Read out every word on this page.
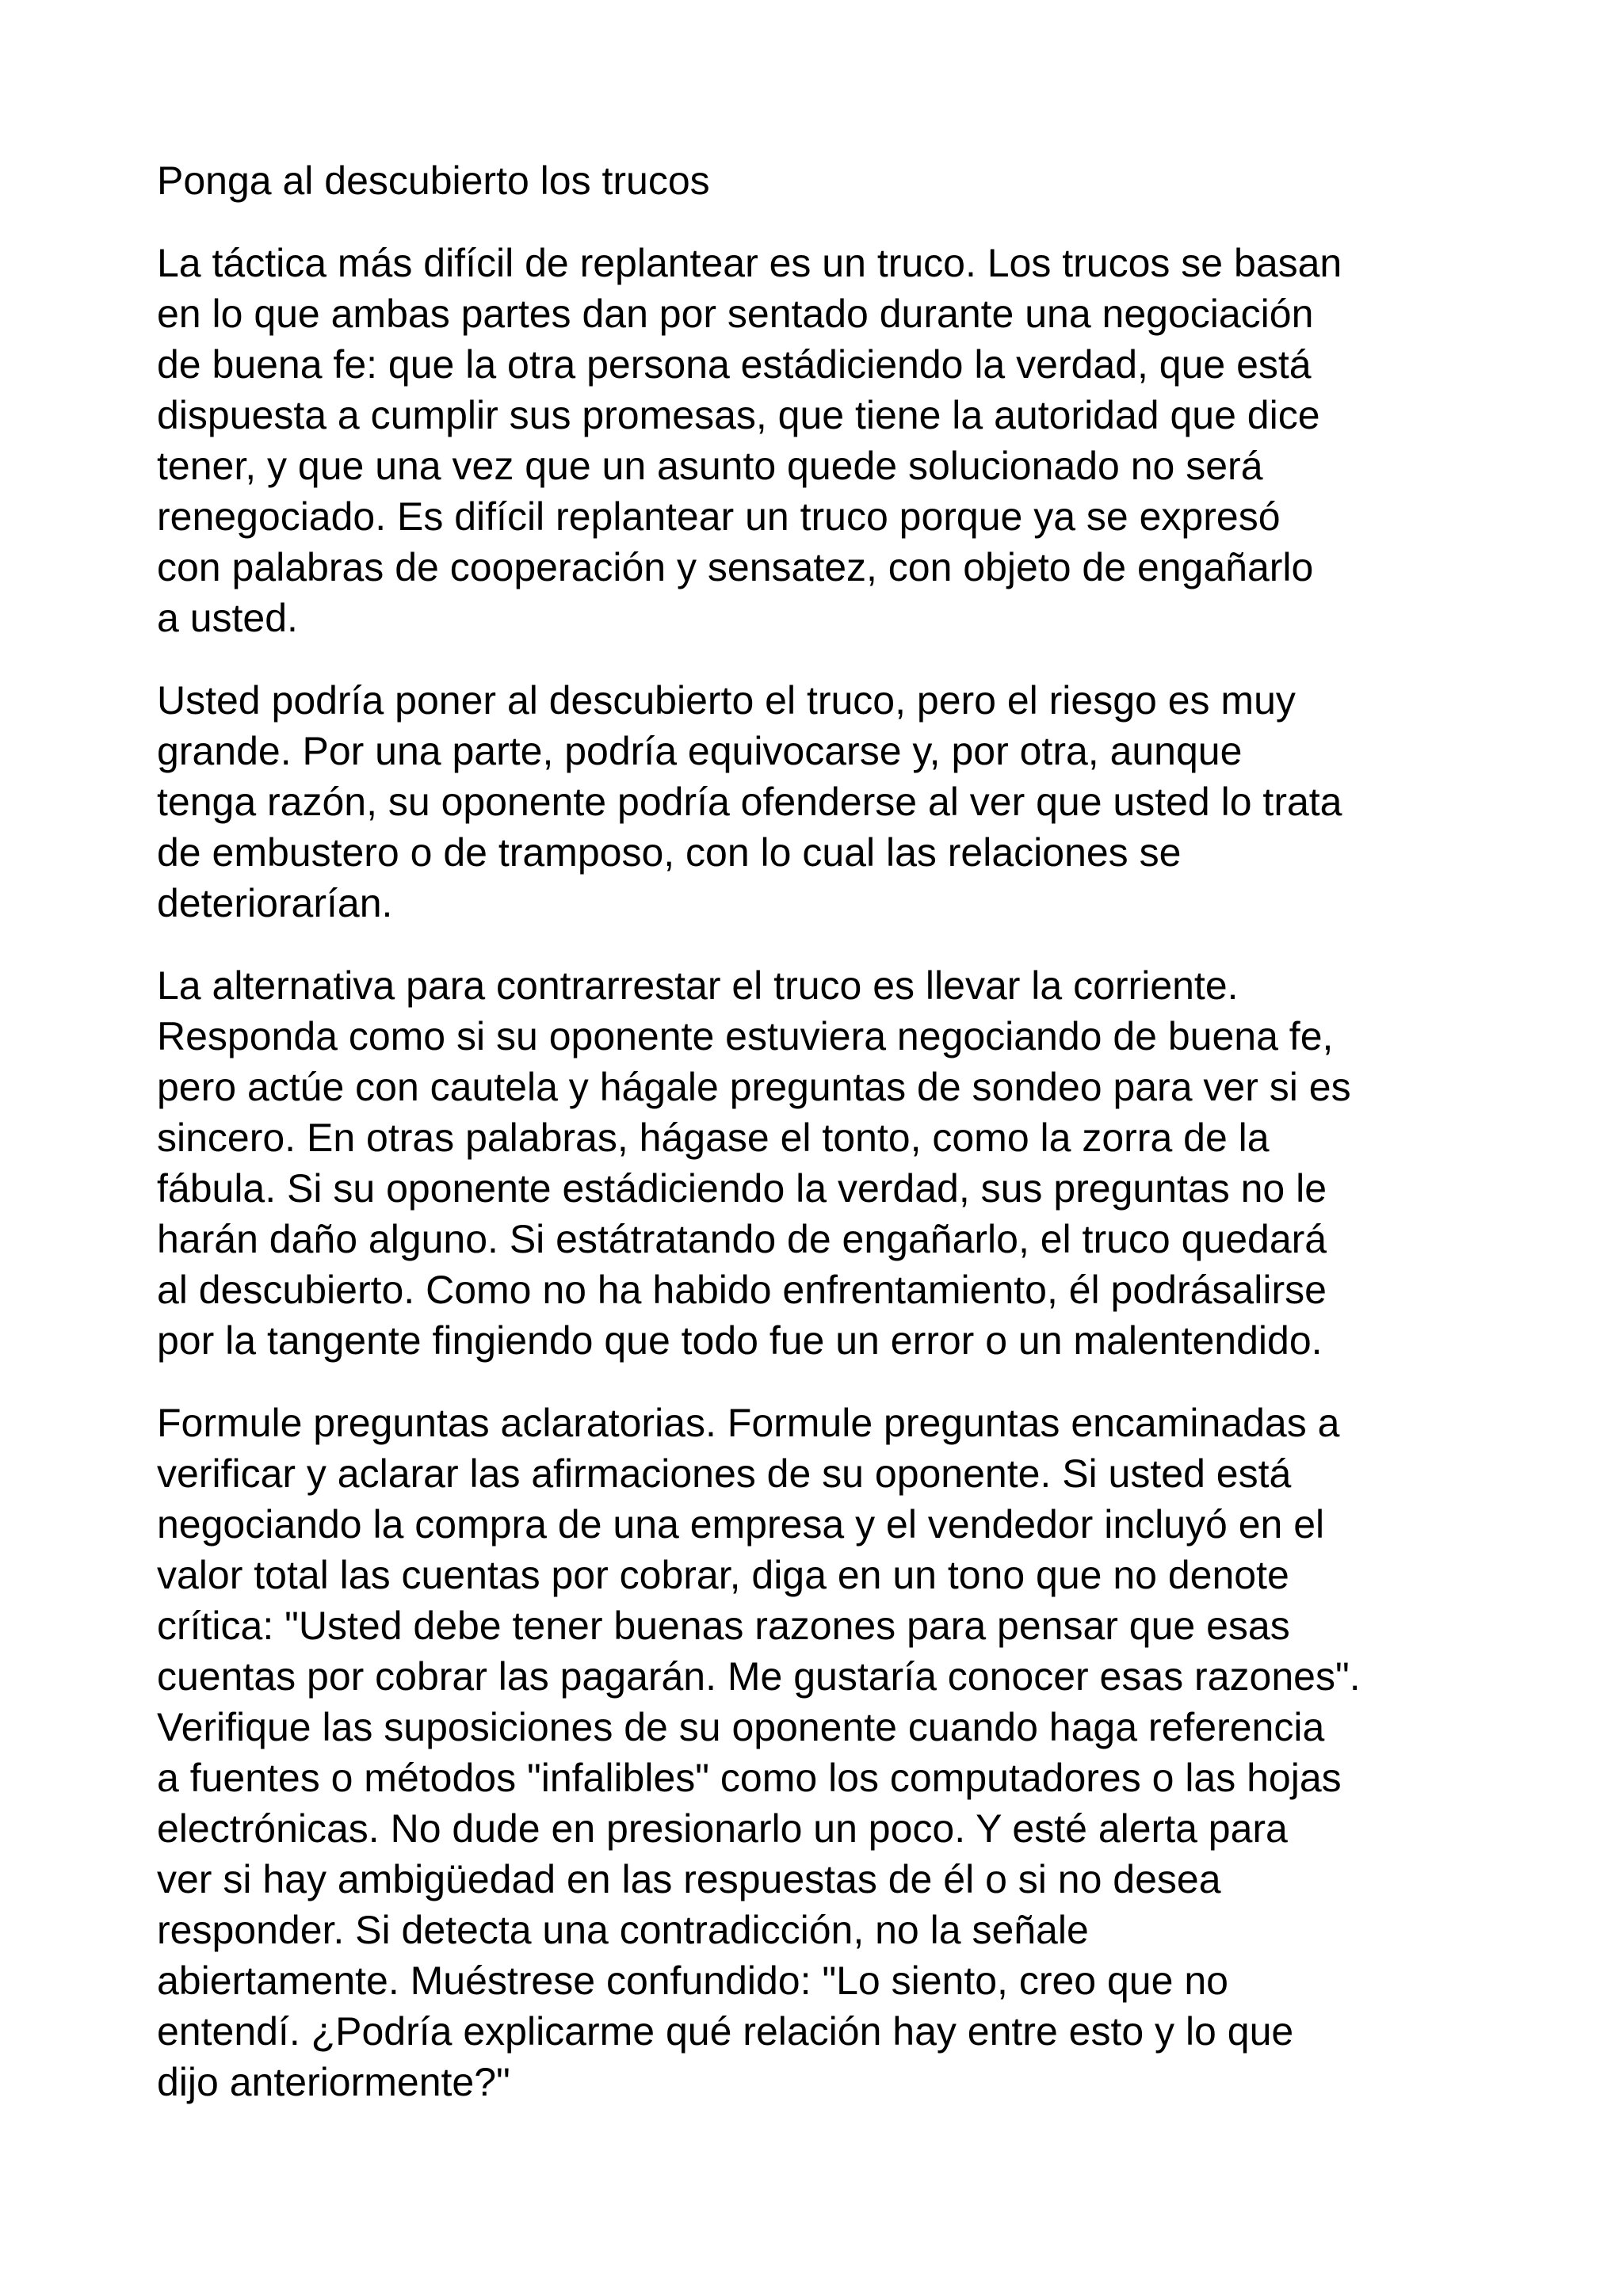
Ponga al descubierto los trucos
La táctica más difícil de replantear es un truco. Los trucos se basan
en lo que ambas partes dan por sentado durante una negociación
de buena fe: que la otra persona estádiciendo la verdad, que está
dispuesta a cumplir sus promesas, que tiene la autoridad que dice
tener, y que una vez que un asunto quede solucionado no será
renegociado. Es difícil replantear un truco porque ya se expresó
con palabras de cooperación y sensatez, con objeto de engañarlo
a usted.
Usted podría poner al descubierto el truco, pero el riesgo es muy
grande. Por una parte, podría equivocarse y, por otra, aunque
tenga razón, su oponente podría ofenderse al ver que usted lo trata
de embustero o de tramposo, con lo cual las relaciones se
deteriorarían.
La alternativa para contrarrestar el truco es llevar la corriente.
Responda como si su oponente estuviera negociando de buena fe,
pero actúe con cautela y hágale preguntas de sondeo para ver si es
sincero. En otras palabras, hágase el tonto, como la zorra de la
fábula. Si su oponente estádiciendo la verdad, sus preguntas no le
harán daño alguno. Si estátratando de engañarlo, el truco quedará
al descubierto. Como no ha habido enfrentamiento, él podrásalirse
por la tangente fingiendo que todo fue un error o un malentendido.
Formule preguntas aclaratorias. Formule preguntas encaminadas a
verificar y aclarar las afirmaciones de su oponente. Si usted está
negociando la compra de una empresa y el vendedor incluyó en el
valor total las cuentas por cobrar, diga en un tono que no denote
crítica: "Usted debe tener buenas razones para pensar que esas
cuentas por cobrar las pagarán. Me gustaría conocer esas razones".
Verifique las suposiciones de su oponente cuando haga referencia
a fuentes o métodos "infalibles" como los computadores o las hojas
electrónicas. No dude en presionarlo un poco. Y esté alerta para
ver si hay ambigüedad en las respuestas de él o si no desea
responder. Si detecta una contradicción, no la señale
abiertamente. Muéstrese confundido: "Lo siento, creo que no
entendí. ¿Podría explicarme qué relación hay entre esto y lo que
dijo anteriormente?"
